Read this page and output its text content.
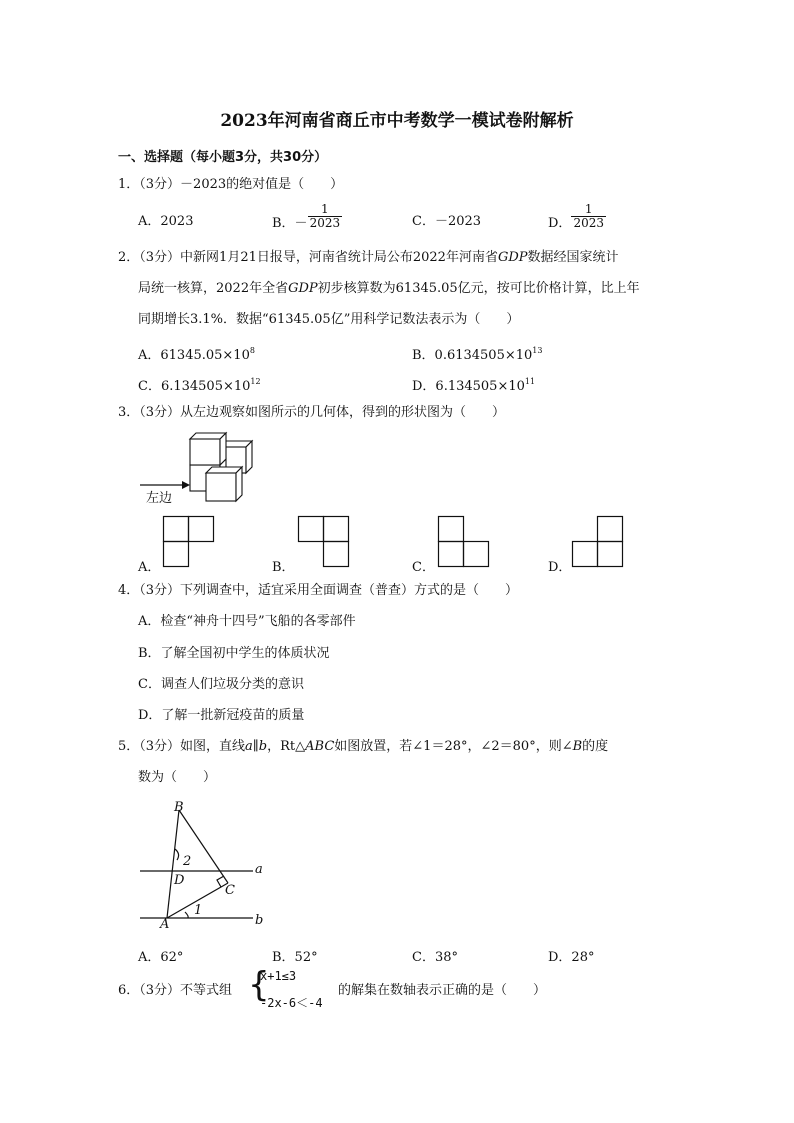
2023年河南省商丘市中考数学一模试卷附解析
一、选择题（每小题3分，共30分）
1．（3分）－2023的绝对值是（　　）
A．2023	B．－ $\frac{1}{2023}$	C．－2023	D． $\frac{1}{2023}$
2．（3分）中新网1月21日报导，河南省统计局公布2022年河南省GDP数据经国家统计
局统一核算，2022年全省GDP初步核算数为61345.05亿元，按可比价格计算，比上年
同期增长3.1%．数据“61345.05亿”用科学记数法表示为（　　）
A．$61345.05\times 10^8$	B．$0.6134505\times 10^{13}$
C．$6.134505\times 10^{12}$	D．$6.134505\times 10^{11}$
3．（3分）从左边观察如图所示的几何体，得到的形状图为（　　）
左边
A．	B．	C．	D．
4．（3分）下列调查中，适宜采用全面调查（普查）方式的是（　　）
A．检查“神舟十四号”飞船的各零部件
B．了解全国初中学生的体质状况
C．调查人们垃圾分类的意识
D．了解一批新冠疫苗的质量
5．（3分）如图，直线a∥b，Rt△ABC如图放置，若∠1＝28°，∠2＝80°，则∠B的度
数为（　　）
B
2
D
C
A
1
a
b
A．62°	B．52°	C．38°	D．28°
6．（3分）不等式组 {
x+1≤3
-2x-6＜-4
的解集在数轴表示正确的是（　　）
